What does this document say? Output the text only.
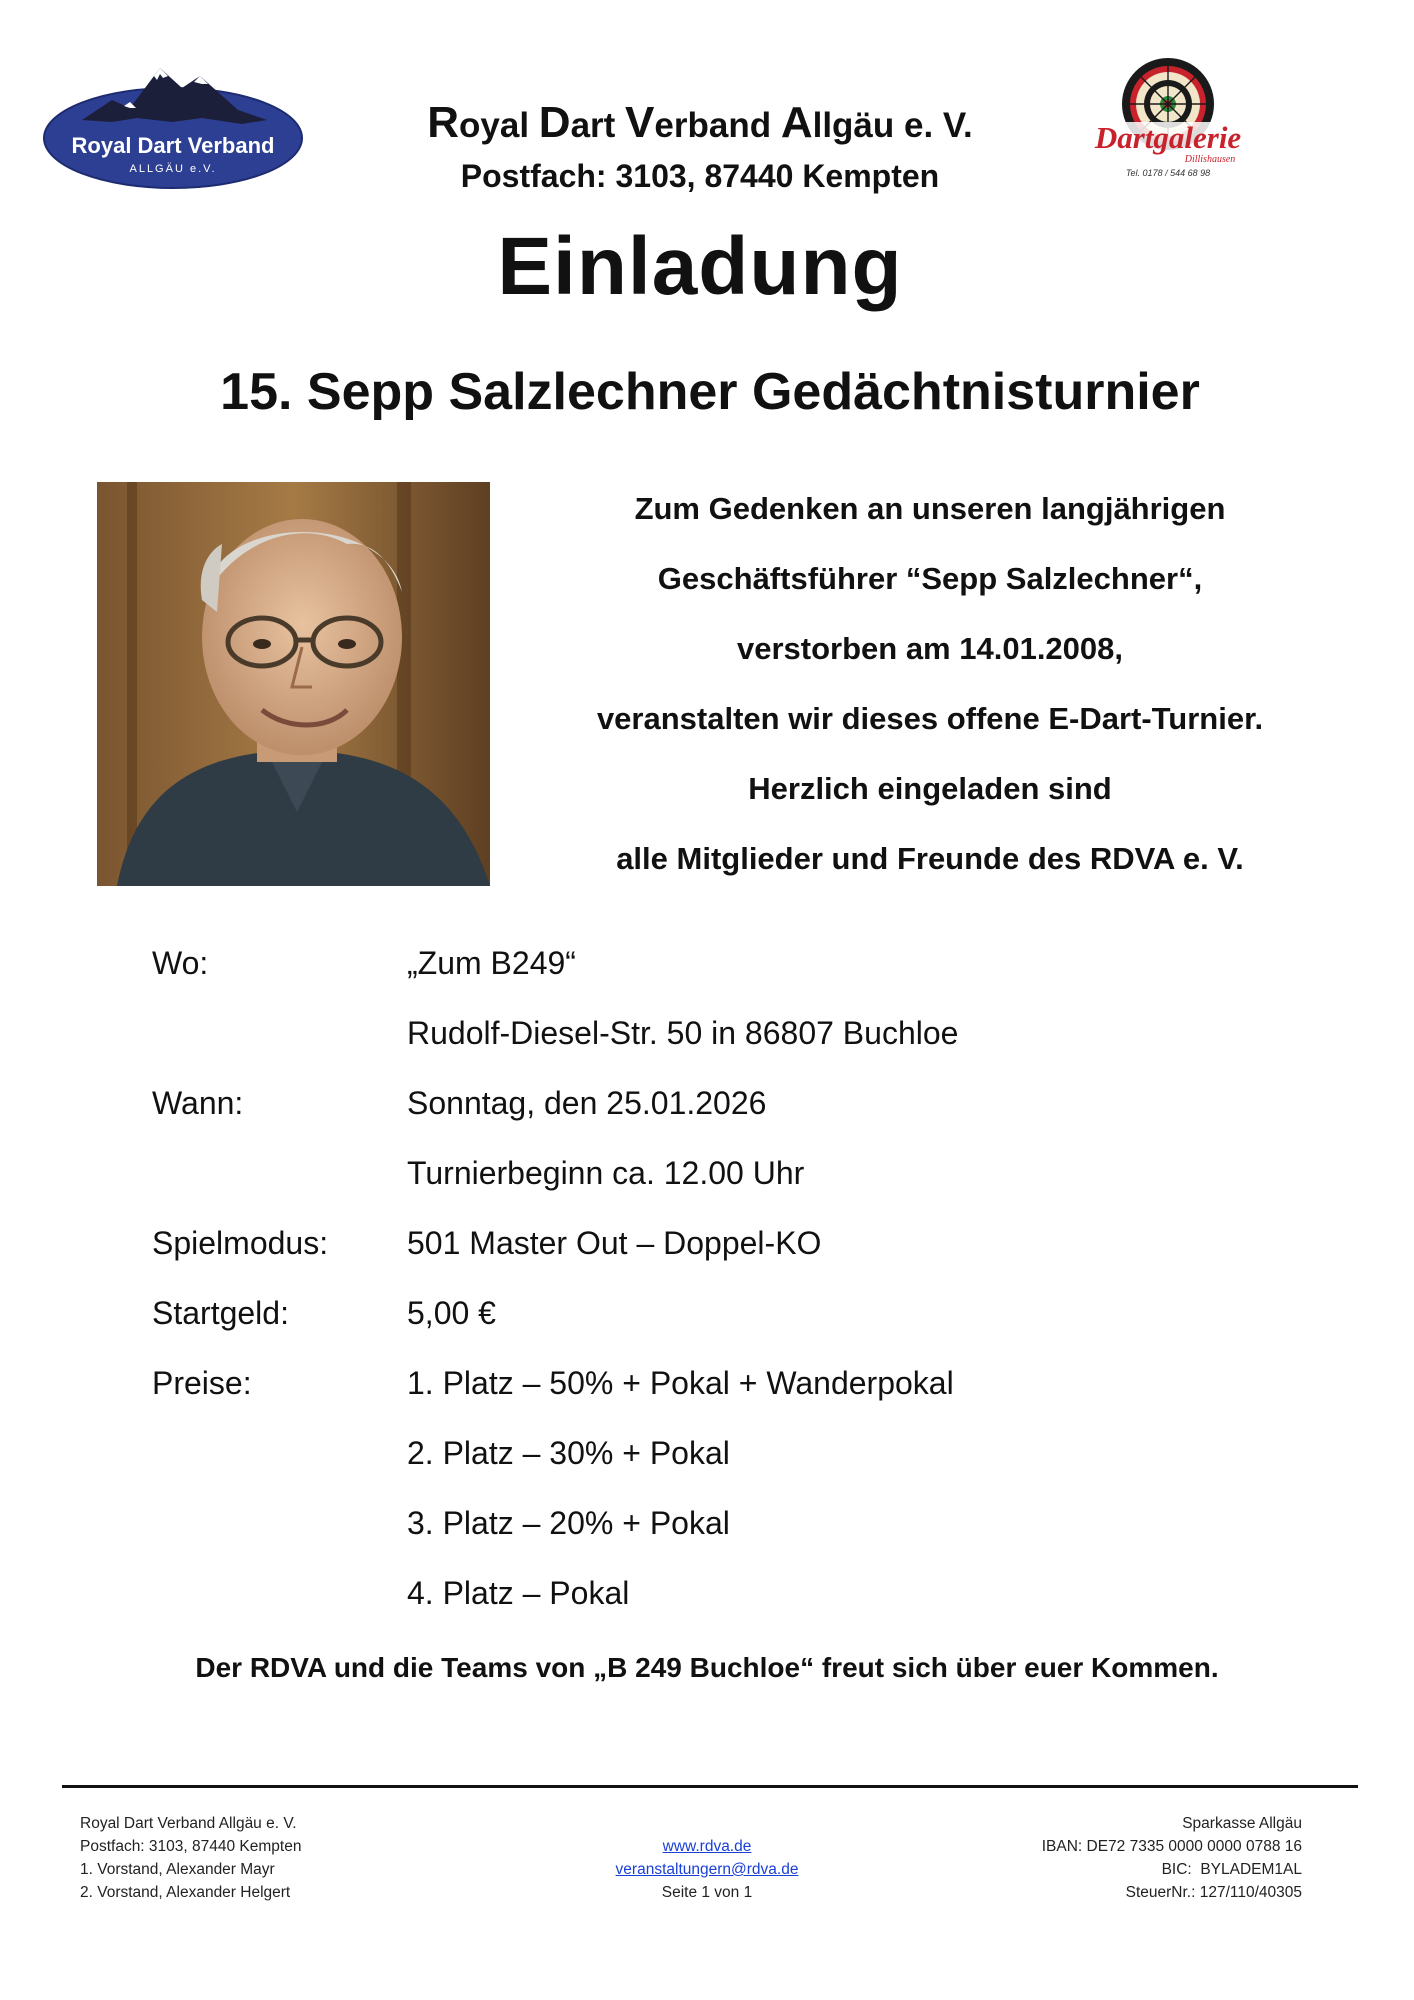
Royal Dart Verband
ALLGÄU e.V.
Royal Dart Verband Allgäu e. V.
Postfach: 3103, 87440 Kempten
Dartgalerie
Dillishausen
Tel. 0178 / 544 68 98
Einladung
15. Sepp Salzlechner Gedächtnisturnier
Zum Gedenken an unseren langjährigen
Geschäftsführer “Sepp Salzlechner“,
verstorben am 14.01.2008,
veranstalten wir dieses offene E-Dart-Turnier.
Herzlich eingeladen sind
alle Mitglieder und Freunde des RDVA e. V.
Wo:	„Zum B249“
Rudolf-Diesel-Str. 50 in 86807 Buchloe
Wann:	Sonntag, den 25.01.2026
Turnierbeginn ca. 12.00 Uhr
Spielmodus: 501 Master Out – Doppel-KO
Startgeld:	5,00 €
Preise:	1. Platz – 50% + Pokal + Wanderpokal
2. Platz – 30% + Pokal
3. Platz – 20% + Pokal
4. Platz – Pokal
Der RDVA und die Teams von „B 249 Buchloe“ freut sich über euer Kommen.
Royal Dart Verband Allgäu e. V.
Postfach: 3103, 87440 Kempten
1. Vorstand, Alexander Mayr
2. Vorstand, Alexander Helgert

www.rdva.de
veranstaltungern@rdva.de
Seite 1 von 1
Sparkasse Allgäu
IBAN: DE72 7335 0000 0000 0788 16
BIC:  BYLADEM1AL
SteuerNr.: 127/110/40305
